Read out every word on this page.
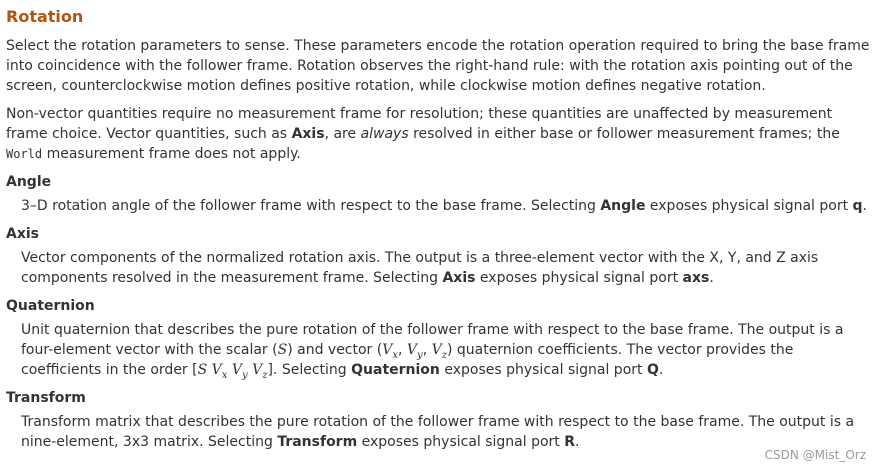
Rotation

Select the rotation parameters to sense. These parameters encode the rotation operation required to bring the base frame into coincidence with the follower frame. Rotation observes the right-hand rule: with the rotation axis pointing out of the screen, counterclockwise motion defines positive rotation, while clockwise motion defines negative rotation.

Non-vector quantities require no measurement frame for resolution; these quantities are unaffected by measurement frame choice. Vector quantities, such as Axis, are always resolved in either base or follower measurement frames; the World measurement frame does not apply.

Angle
3–D rotation angle of the follower frame with respect to the base frame. Selecting Angle exposes physical signal port q.
Axis
Vector components of the normalized rotation axis. The output is a three-element vector with the X, Y, and Z axis components resolved in the measurement frame. Selecting Axis exposes physical signal port axs.
Quaternion
Unit quaternion that describes the pure rotation of the follower frame with respect to the base frame. The output is a four-element vector with the scalar (S) and vector ($V_x$, $V_y$, $V_z$) quaternion coefficients. The vector provides the coefficients in the order [S $V_x$ $V_y$ $V_z$]. Selecting Quaternion exposes physical signal port Q.
Transform
Transform matrix that describes the pure rotation of the follower frame with respect to the base frame. The output is a nine-element, 3x3 matrix. Selecting Transform exposes physical signal port R.
CSDN @Mist_Orz
